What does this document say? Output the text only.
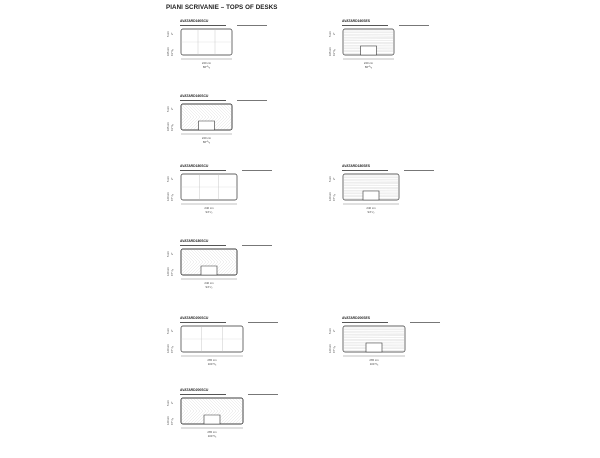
PIANI SCRIVANIE – TOPS OF DESKS
AVATARD160SCU
5 cm 2"
105 cm 41"³/₈
220 cm
86"⁵/₈
AVATARD160SES
5 cm 2"
105 cm 41"³/₈
220 cm
86"⁵/₈
AVATARD160SCU
5 cm 2"
105 cm 41"³/₈
220 cm
86"⁵/₈
AVATARD180SCU
5 cm 2"
120 cm 47"¹/₄
240 cm
94"¹/₂
AVATARD180SES
5 cm 2"
120 cm 47"¹/₄
240 cm
94"¹/₂
AVATARD180SCU
5 cm 2"
120 cm 47"¹/₄
240 cm
94"¹/₂
AVATARD200SCU
5 cm 2"
120 cm 47"¹/₄
265 cm
104"³/₈
AVATARD200SES
5 cm 2"
120 cm 47"¹/₄
265 cm
104"³/₈
AVATARD200SCU
5 cm 2"
120 cm 47"¹/₄
265 cm
104"³/₈
